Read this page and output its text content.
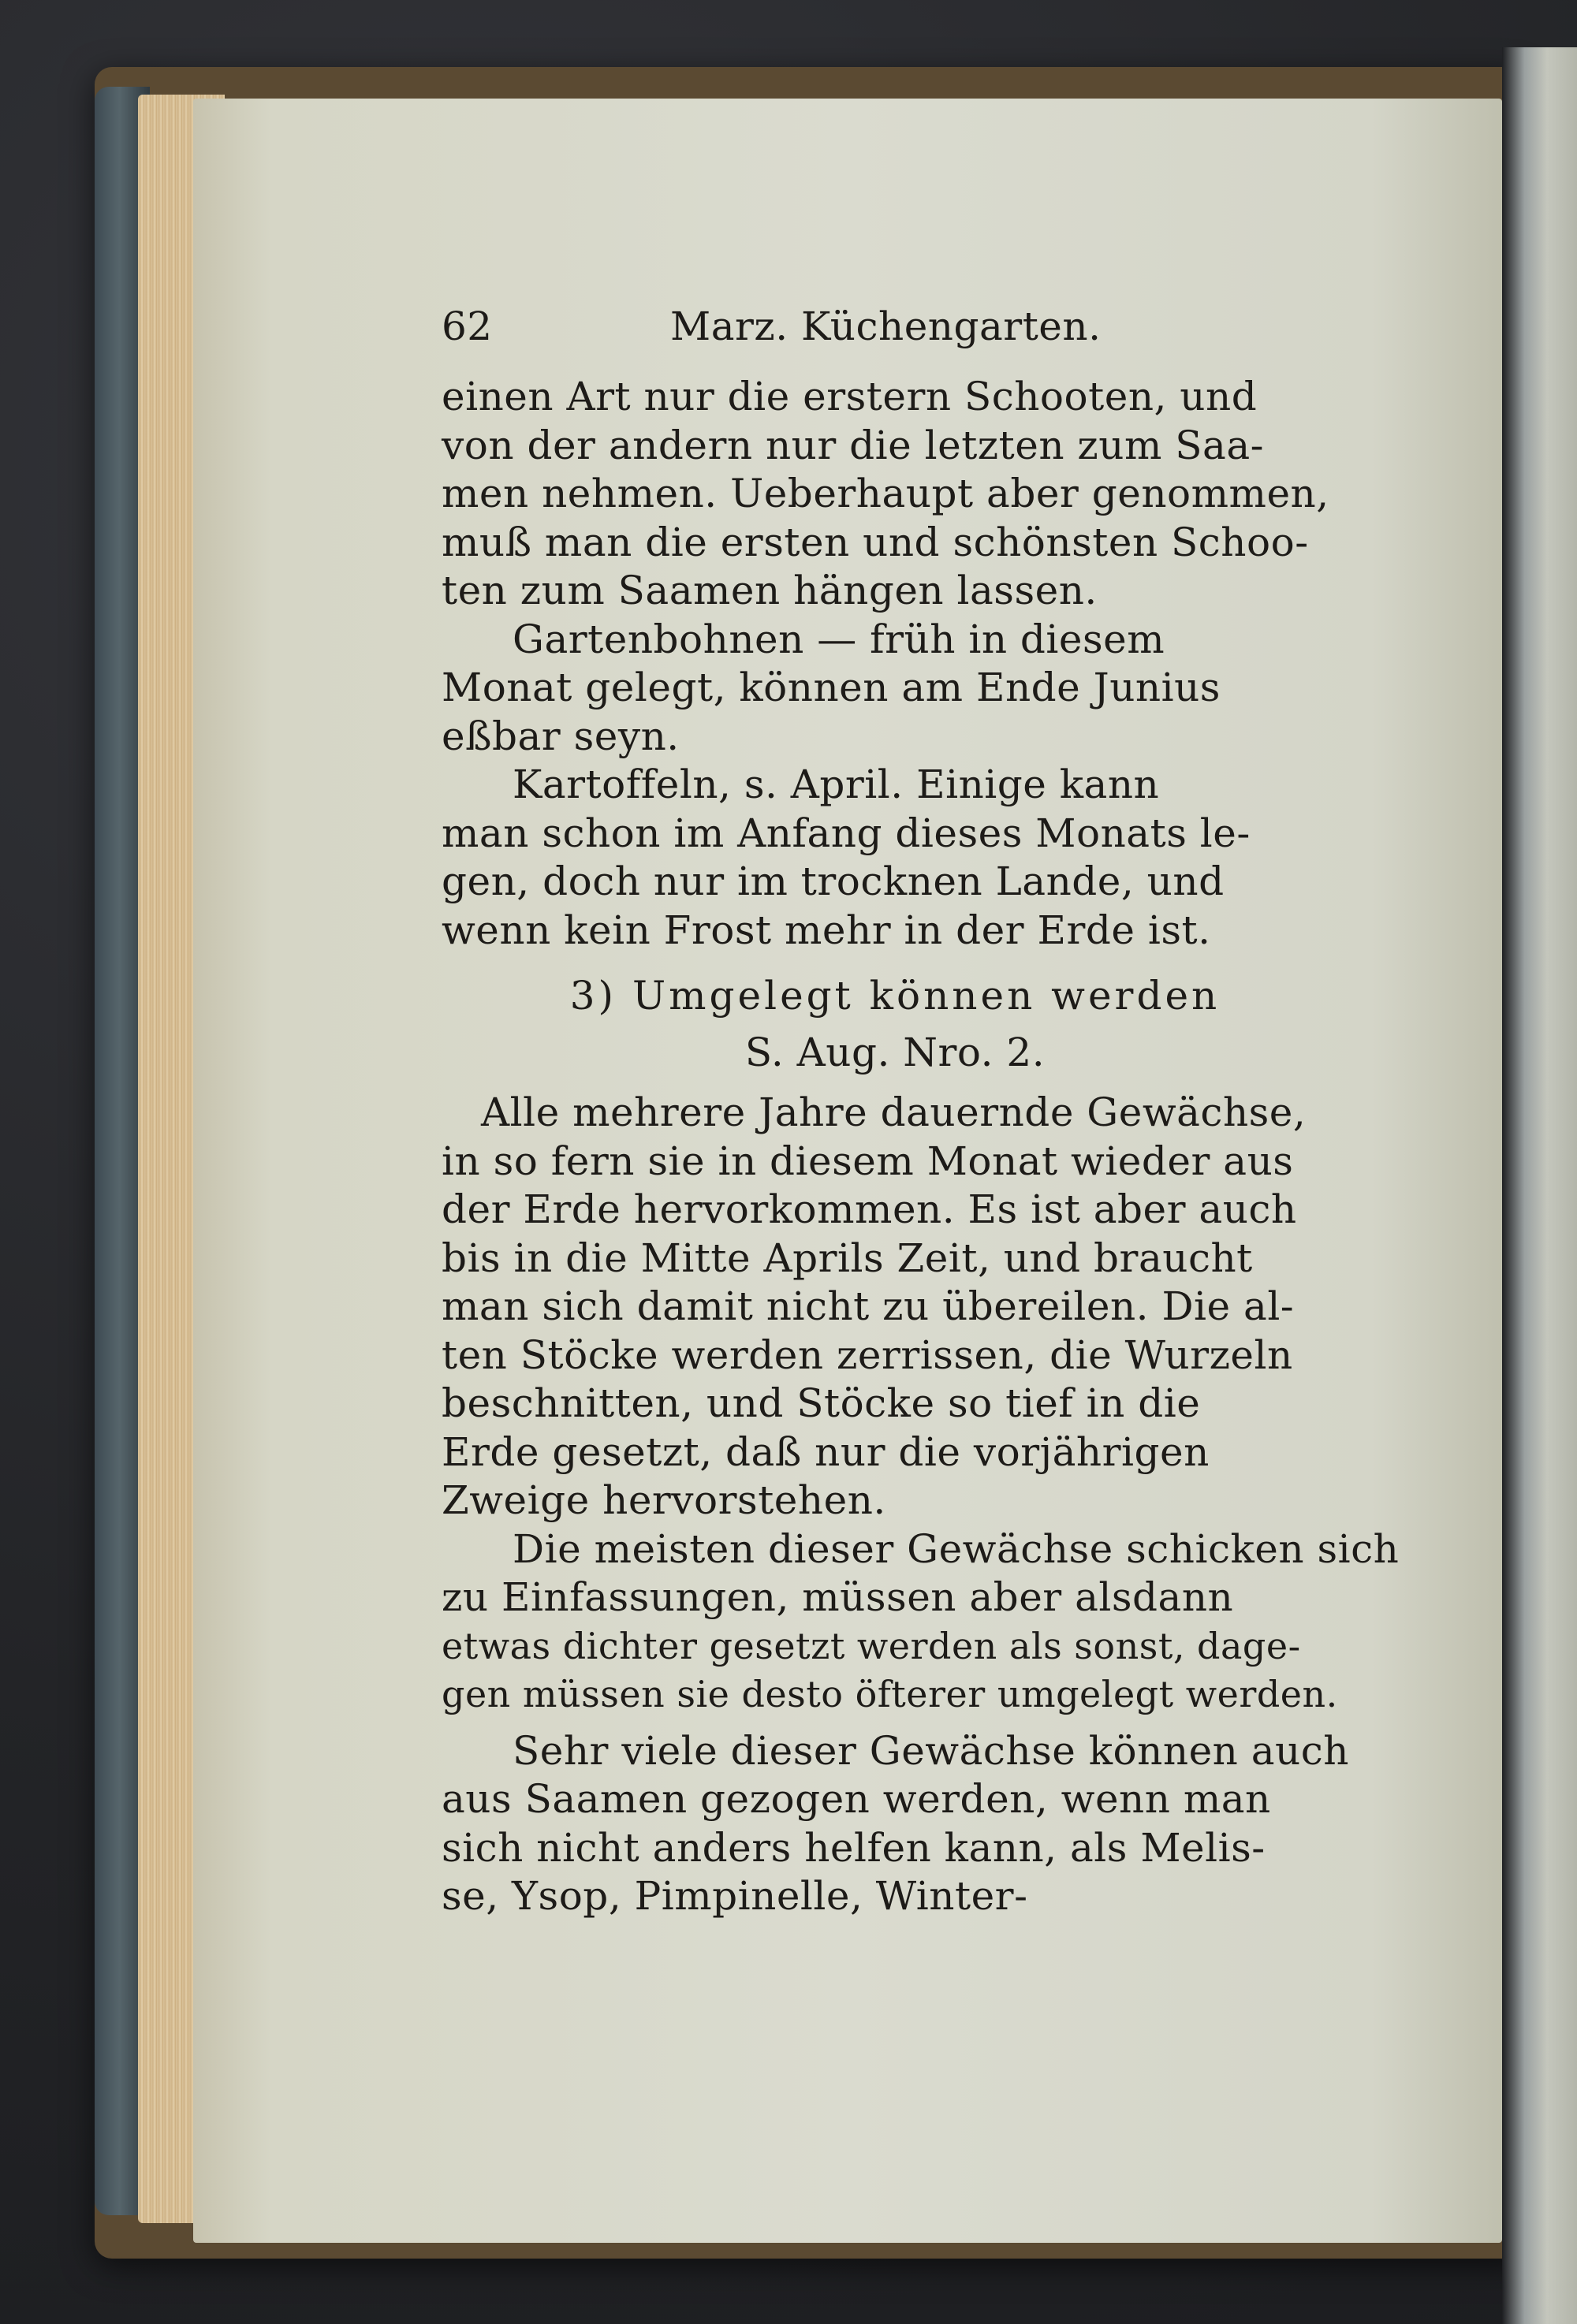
62	Marz. Küchengarten.
einen Art nur die erstern Schooten, und
von der andern nur die letzten zum Saa-
men nehmen. Ueberhaupt aber genommen,
muß man die ersten und schönsten Schoo-
ten zum Saamen hängen lassen.
Gartenbohnen — früh in diesem
Monat gelegt, können am Ende Junius
eßbar seyn.
Kartoffeln, s. April. Einige kann
man schon im Anfang dieses Monats le-
gen, doch nur im trocknen Lande, und
wenn kein Frost mehr in der Erde ist.
3) Umgelegt können werden
S. Aug. Nro. 2.
Alle mehrere Jahre dauernde Gewächse,
in so fern sie in diesem Monat wieder aus
der Erde hervorkommen. Es ist aber auch
bis in die Mitte Aprils Zeit, und braucht
man sich damit nicht zu übereilen. Die al-
ten Stöcke werden zerrissen, die Wurzeln
beschnitten, und Stöcke so tief in die
Erde gesetzt, daß nur die vorjährigen
Zweige hervorstehen.
Die meisten dieser Gewächse schicken sich
zu Einfassungen, müssen aber alsdann
etwas dichter gesetzt werden als sonst, dage-
gen müssen sie desto öfterer umgelegt werden.
Sehr viele dieser Gewächse können auch
aus Saamen gezogen werden, wenn man
sich nicht anders helfen kann, als Melis-
se, Ysop, Pimpinelle, Winter-
